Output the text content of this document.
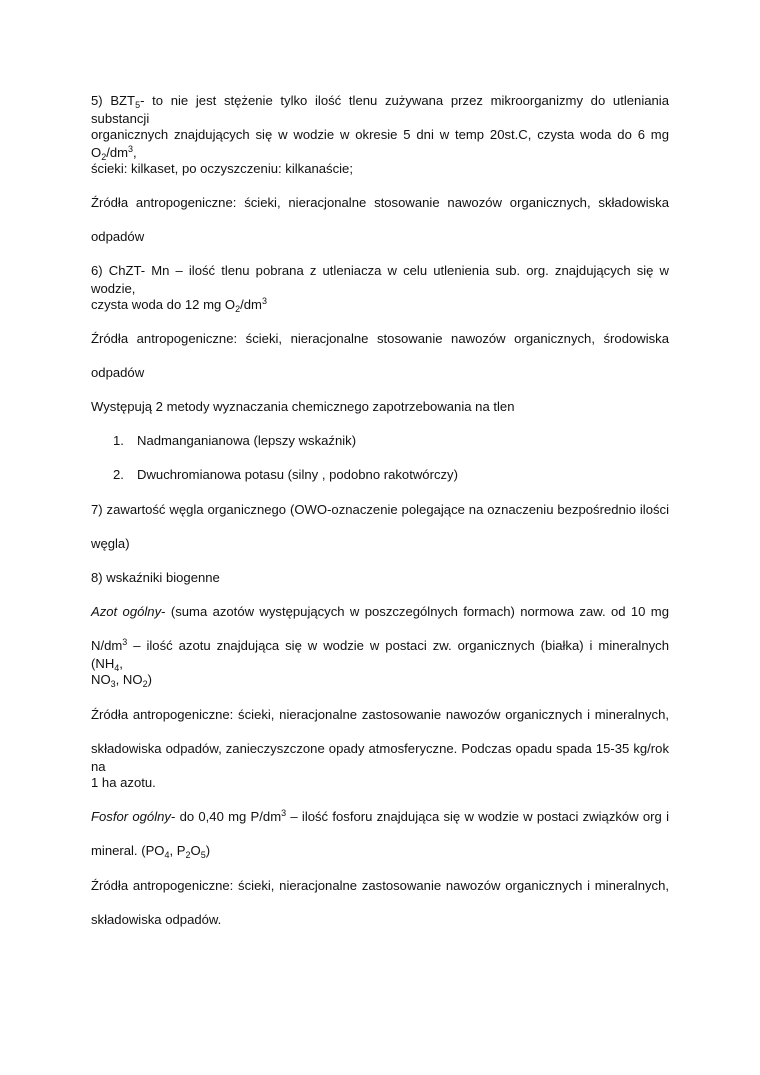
5) $BZT_5-$ to nie jest stężenie tylko ilość tlenu zużywana przez mikroorganizmy do utleniania substancji
organicznych znajdujących się w wodzie w okresie 5 dni w temp 20st.C, czysta woda do 6 mg $O_2/dm^3$,
ścieki: kilkaset, po oczyszczeniu: kilkanaście;
Źródła antropogeniczne: ścieki, nieracjonalne stosowanie nawozów organicznych, składowiska
odpadów
6) ChZT- Mn – ilość tlenu pobrana z utleniacza w celu utlenienia sub. org. znajdujących się w wodzie,
czysta woda do 12 mg $O_2/dm^3$
Źródła antropogeniczne: ścieki, nieracjonalne stosowanie nawozów organicznych, środowiska
odpadów
Występują 2 metody wyznaczania chemicznego zapotrzebowania na tlen
1. Nadmanganianowa (lepszy wskaźnik)
2. Dwuchromianowa potasu (silny , podobno rakotwórczy)
7) zawartość węgla organicznego (OWO-oznaczenie polegające na oznaczeniu bezpośrednio ilości
węgla)
8) wskaźniki biogenne
Azot ogólny- (suma azotów występujących w poszczególnych formach) normowa zaw. od 10 mg
$N/dm^3$ – ilość azotu znajdująca się w wodzie w postaci zw. organicznych (białka) i mineralnych ($NH_4$,
$NO_3$, $NO_2$)
Źródła antropogeniczne: ścieki, nieracjonalne zastosowanie nawozów organicznych i mineralnych,
składowiska odpadów, zanieczyszczone opady atmosferyczne. Podczas opadu spada 15-35 kg/rok na
1 ha azotu.
Fosfor ogólny- do 0,40 mg $P/dm^3$ – ilość fosforu znajdująca się w wodzie w postaci związków org i
mineral. ($PO_4$, $P_2O_5$)
Źródła antropogeniczne: ścieki, nieracjonalne zastosowanie nawozów organicznych i mineralnych,
składowiska odpadów.
